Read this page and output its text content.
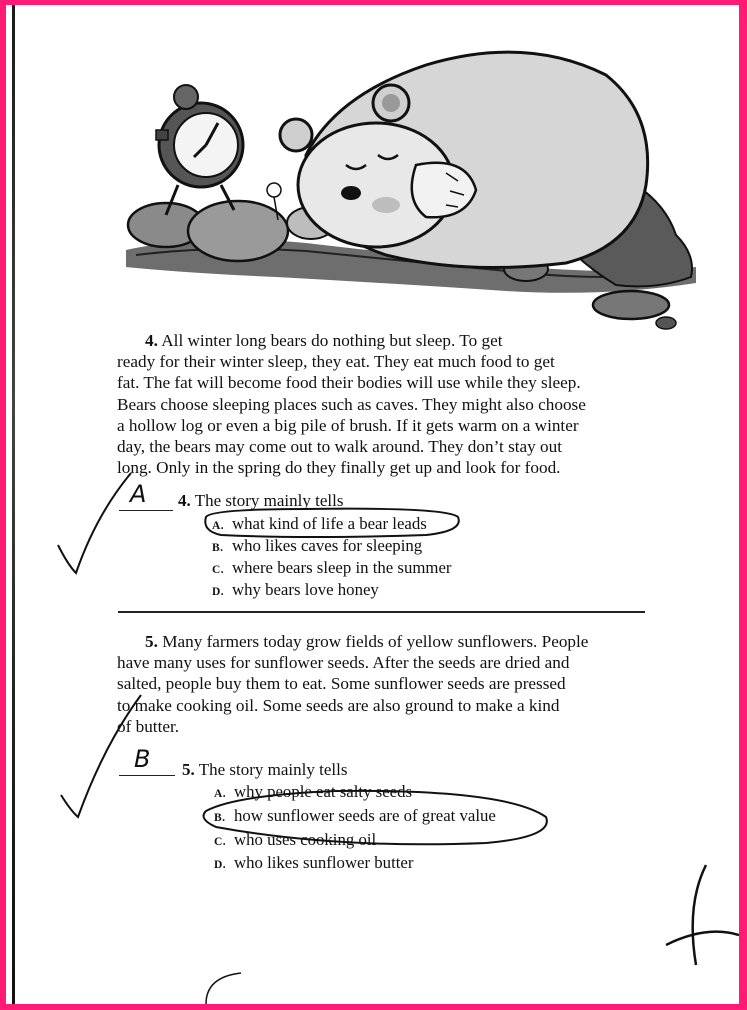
4. All winter long bears do nothing but sleep. To get
ready for their winter sleep, they eat. They eat much food to get
fat. The fat will become food their bodies will use while they sleep.
Bears choose sleeping places such as caves. They might also choose
a hollow log or even a big pile of brush. If it gets warm on a winter
day, the bears may come out to walk around. They don’t stay out
long. Only in the spring do they finally get up and look for food.

A 4. The story mainly tells
A. what kind of life a bear leads
B. who likes caves for sleeping
C. where bears sleep in the summer
D. why bears love honey

5. Many farmers today grow fields of yellow sunflowers. People
have many uses for sunflower seeds. After the seeds are dried and
salted, people buy them to eat. Some sunflower seeds are pressed
to make cooking oil. Some seeds are also ground to make a kind
of butter.

B 5. The story mainly tells
A. why people eat salty seeds
B. how sunflower seeds are of great value
C. who uses cooking oil
D. who likes sunflower butter
